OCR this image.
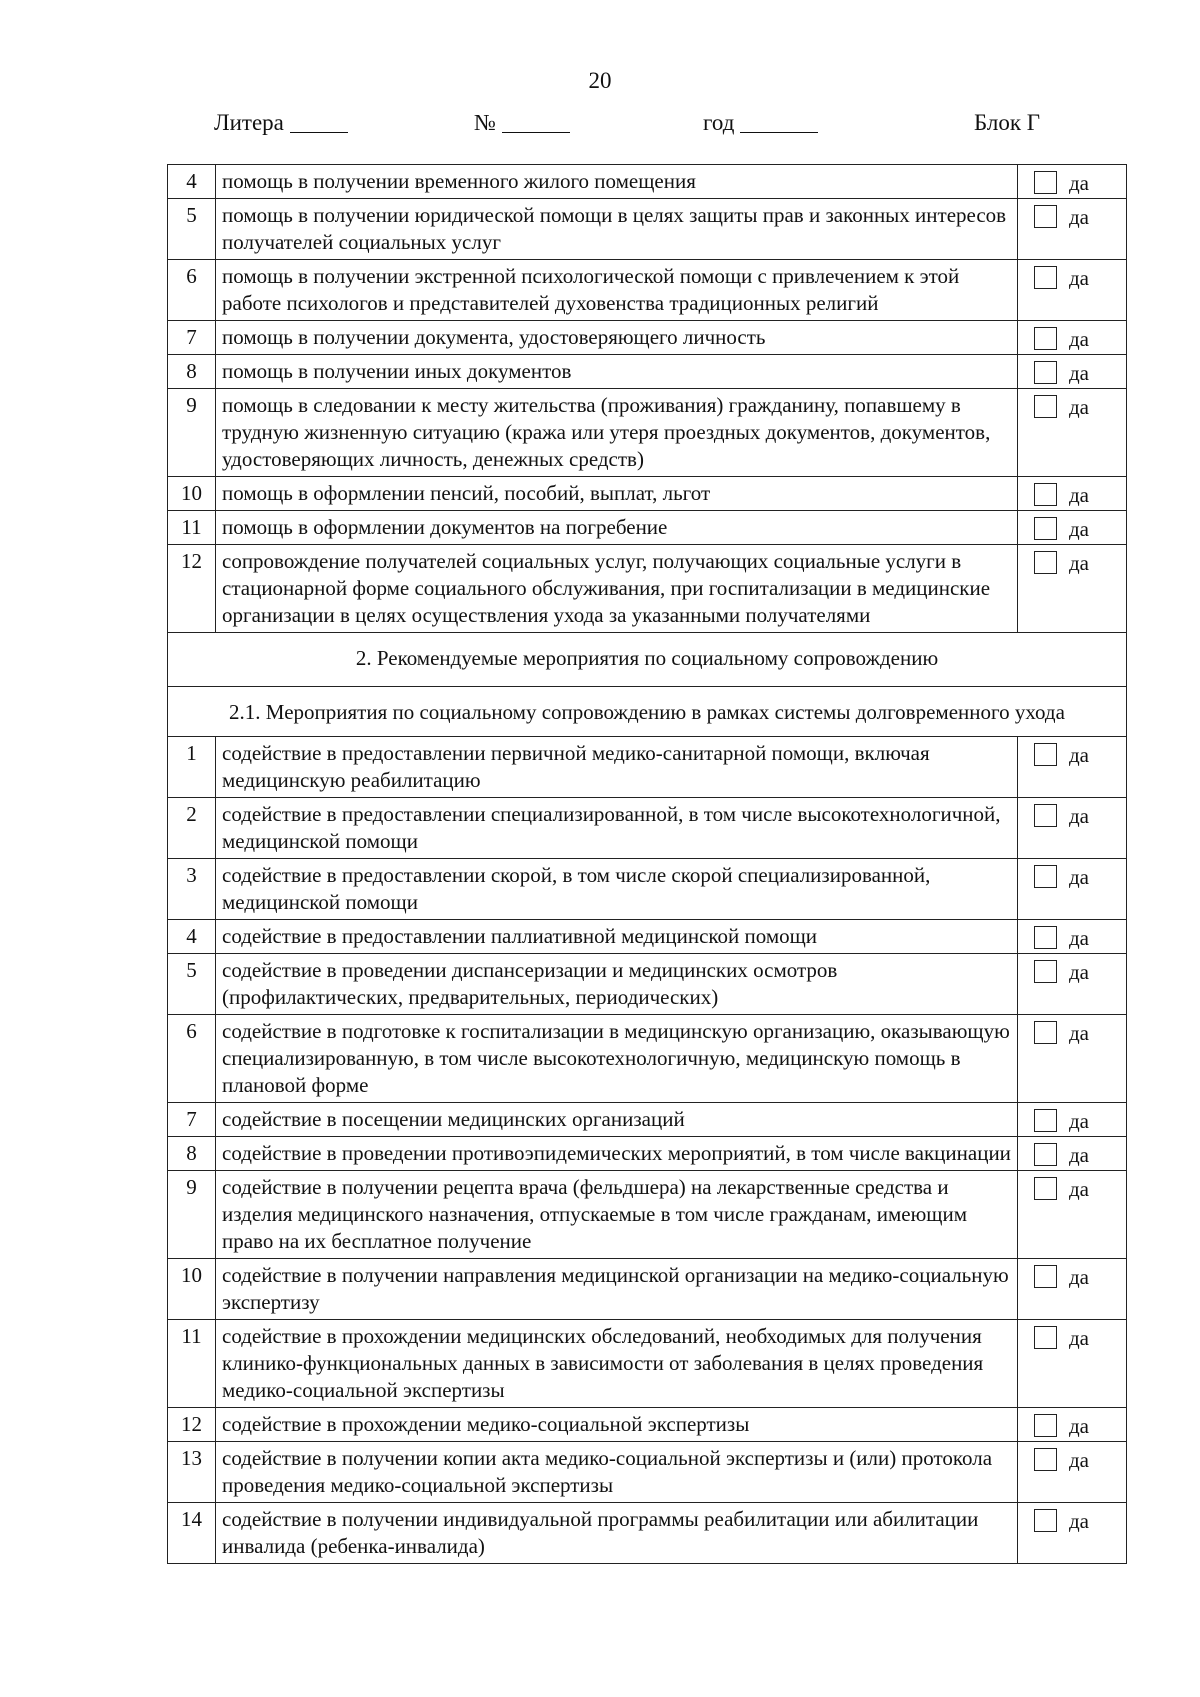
20
Литера	№	год	Блок Г
4	помощь в получении временного жилого помещения	да
5	помощь в получении юридической помощи в целях защиты прав и законных интересов получателей социальных услуг	да
6	помощь в получении экстренной психологической помощи с привлечением к этой работе психологов и представителей духовенства традиционных религий	да
7	помощь в получении документа, удостоверяющего личность	да
8	помощь в получении иных документов	да
9	помощь в следовании к месту жительства (проживания) гражданину, попавшему в трудную жизненную ситуацию (кража или утеря проездных документов, документов, удостоверяющих личность, денежных средств)	да
10	помощь в оформлении пенсий, пособий, выплат, льгот	да
11	помощь в оформлении документов на погребение	да
12	сопровождение получателей социальных услуг, получающих социальные услуги в стационарной форме социального обслуживания, при госпитализации в медицинские организации в целях осуществления ухода за указанными получателями	да
2. Рекомендуемые мероприятия по социальному сопровождению		
2.1. Мероприятия по социальному сопровождению в рамках системы долговременного ухода		
1	содействие в предоставлении первичной медико-санитарной помощи, включая медицинскую реабилитацию	да
2	содействие в предоставлении специализированной, в том числе высокотехнологичной, медицинской помощи	да
3	содействие в предоставлении скорой, в том числе скорой специализированной, медицинской помощи	да
4	содействие в предоставлении паллиативной медицинской помощи	да
5	содействие в проведении диспансеризации и медицинских осмотров (профилактических, предварительных, периодических)	да
6	содействие в подготовке к госпитализации в медицинскую организацию, оказывающую специализированную, в том числе высокотехнологичную, медицинскую помощь в плановой форме	да
7	содействие в посещении медицинских организаций	да
8	содействие в проведении противоэпидемических мероприятий, в том числе вакцинации	да
9	содействие в получении рецепта врача (фельдшера) на лекарственные средства и изделия медицинского назначения, отпускаемые в том числе гражданам, имеющим право на их бесплатное получение	да
10	содействие в получении направления медицинской организации на медико-социальную экспертизу	да
11	содействие в прохождении медицинских обследований, необходимых для получения клинико-функциональных данных в зависимости от заболевания в целях проведения медико-социальной экспертизы	да
12	содействие в прохождении медико-социальной экспертизы	да
13	содействие в получении копии акта медико-социальной экспертизы и (или) протокола проведения медико-социальной экспертизы	да
14	содействие в получении индивидуальной программы реабилитации или абилитации инвалида (ребенка-инвалида)	да
